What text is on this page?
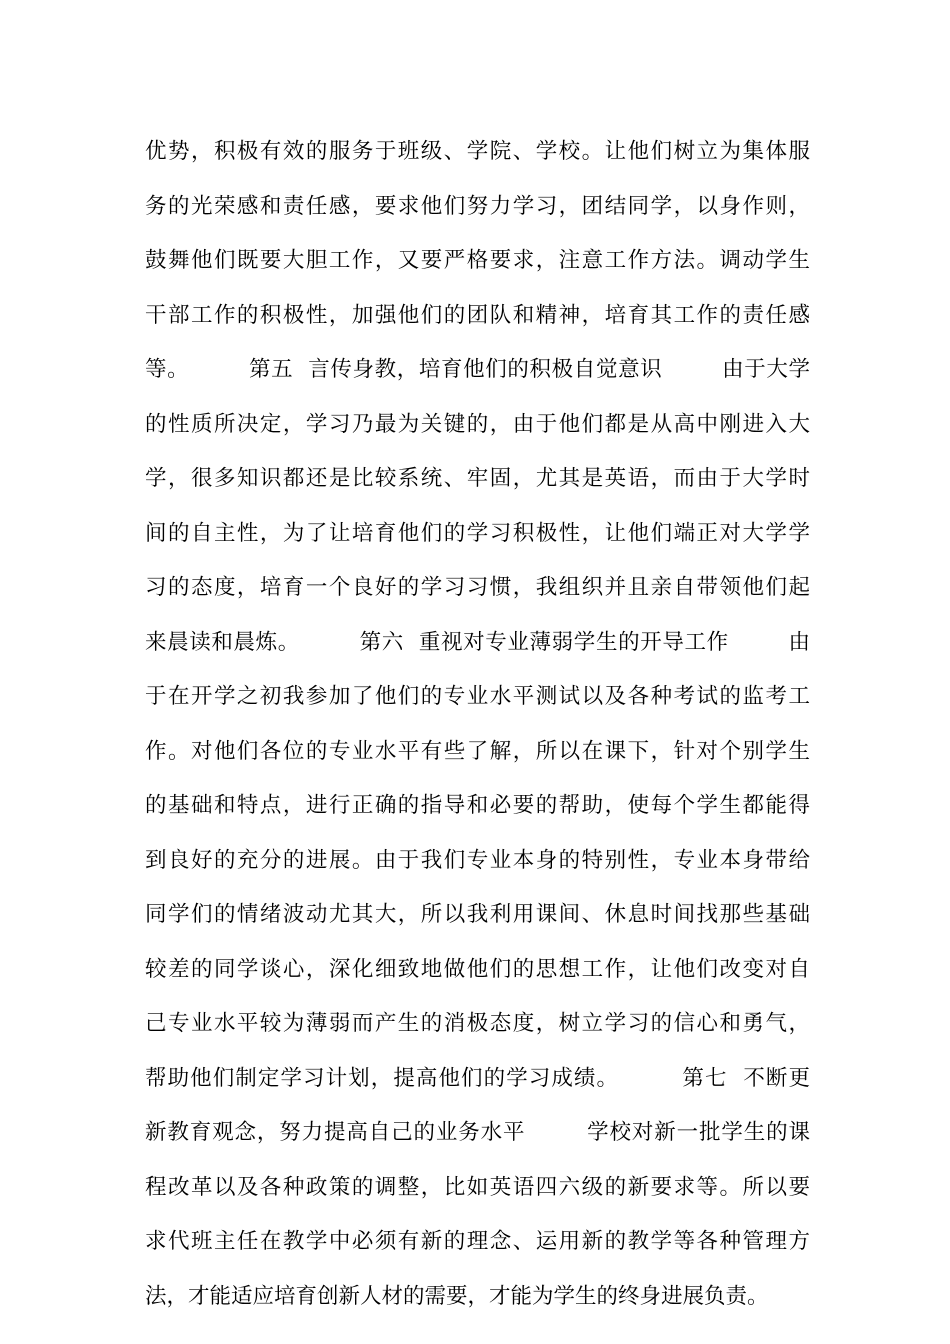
优势，积极有效的服务于班级、学院、学校。让他们树立为集体服
务的光荣感和责任感，要求他们努力学习，团结同学，以身作则，
鼓舞他们既要大胆工作，又要严格要求，注意工作方法。调动学生
干部工作的积极性，加强他们的团队和精神，培育其工作的责任感
等。        第五  言传身教，培育他们的积极自觉意识        由于大学
的性质所决定，学习乃最为关键的，由于他们都是从高中刚进入大
学，很多知识都还是比较系统、牢固，尤其是英语，而由于大学时
间的自主性，为了让培育他们的学习积极性，让他们端正对大学学
习的态度，培育一个良好的学习习惯，我组织并且亲自带领他们起
来晨读和晨炼。        第六  重视对专业薄弱学生的开导工作        由
于在开学之初我参加了他们的专业水平测试以及各种考试的监考工
作。对他们各位的专业水平有些了解，所以在课下，针对个别学生
的基础和特点，进行正确的指导和必要的帮助，使每个学生都能得
到良好的充分的进展。由于我们专业本身的特别性，专业本身带给
同学们的情绪波动尤其大，所以我利用课间、休息时间找那些基础
较差的同学谈心，深化细致地做他们的思想工作，让他们改变对自
己专业水平较为薄弱而产生的消极态度，树立学习的信心和勇气，
帮助他们制定学习计划，提高他们的学习成绩。        第七  不断更
新教育观念，努力提高自己的业务水平        学校对新一批学生的课
程改革以及各种政策的调整，比如英语四六级的新要求等。所以要
求代班主任在教学中必须有新的理念、运用新的教学等各种管理方
法，才能适应培育创新人材的需要，才能为学生的终身进展负责。
